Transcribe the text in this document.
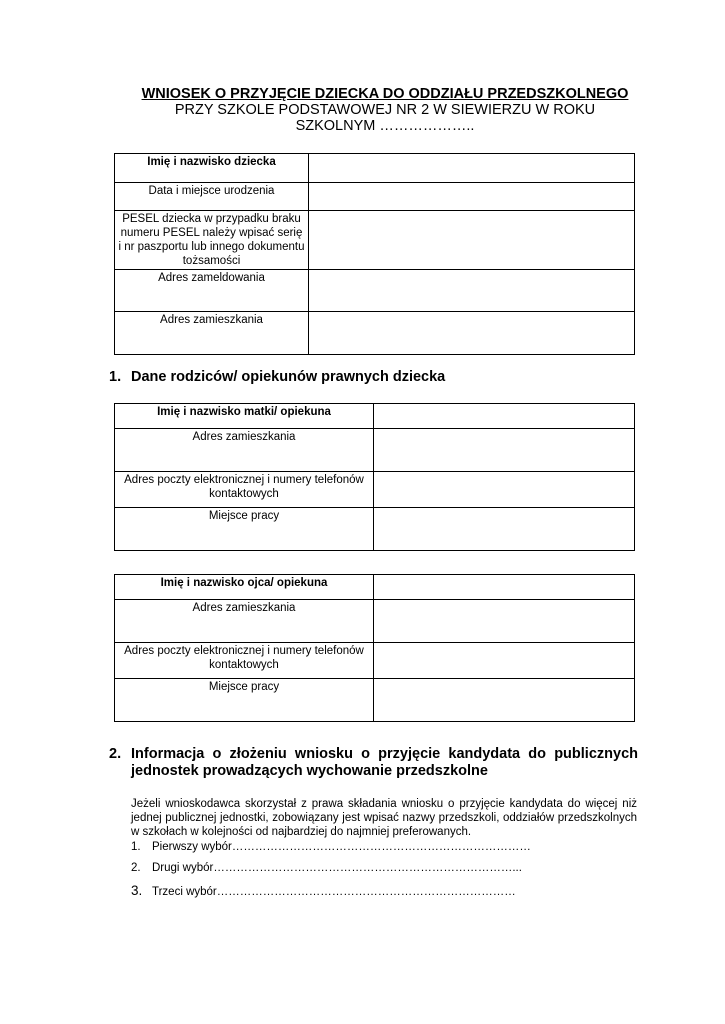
WNIOSEK O PRZYJĘCIE DZIECKA DO ODDZIAŁU PRZEDSZKOLNEGO
PRZY SZKOLE PODSTAWOWEJ NR 2 W SIEWIERZU W ROKU
SZKOLNYM ………………..
Imię i nazwisko dziecka	
Data i miejsce urodzenia	
PESEL dziecka w przypadku braku numeru PESEL należy wpisać serię i nr paszportu lub innego dokumentu tożsamości	
Adres zameldowania	
Adres zamieszkania	
1. Dane rodziców/ opiekunów prawnych dziecka
Imię i nazwisko matki/ opiekuna	
Adres zamieszkania	
Adres poczty elektronicznej i numery telefonów kontaktowych	
Miejsce pracy	
Imię i nazwisko ojca/ opiekuna	
Adres zamieszkania	
Adres poczty elektronicznej i numery telefonów kontaktowych	
Miejsce pracy	
2. Informacja o złożeniu wniosku o przyjęcie kandydata do publicznych
jednostek prowadzących wychowanie przedszkolne
Jeżeli wnioskodawca skorzystał z prawa składania wniosku o przyjęcie kandydata do więcej niż jednej publicznej jednostki, zobowiązany jest wpisać nazwy przedszkoli, oddziałów przedszkolnych w szkołach w kolejności od najbardziej do najmniej preferowanych.
1. Pierwszy wybór……………………………………………………………………
2. Drugi wybór……………………………………………………………………...
3. Trzeci wybór……………………………………………………………………
